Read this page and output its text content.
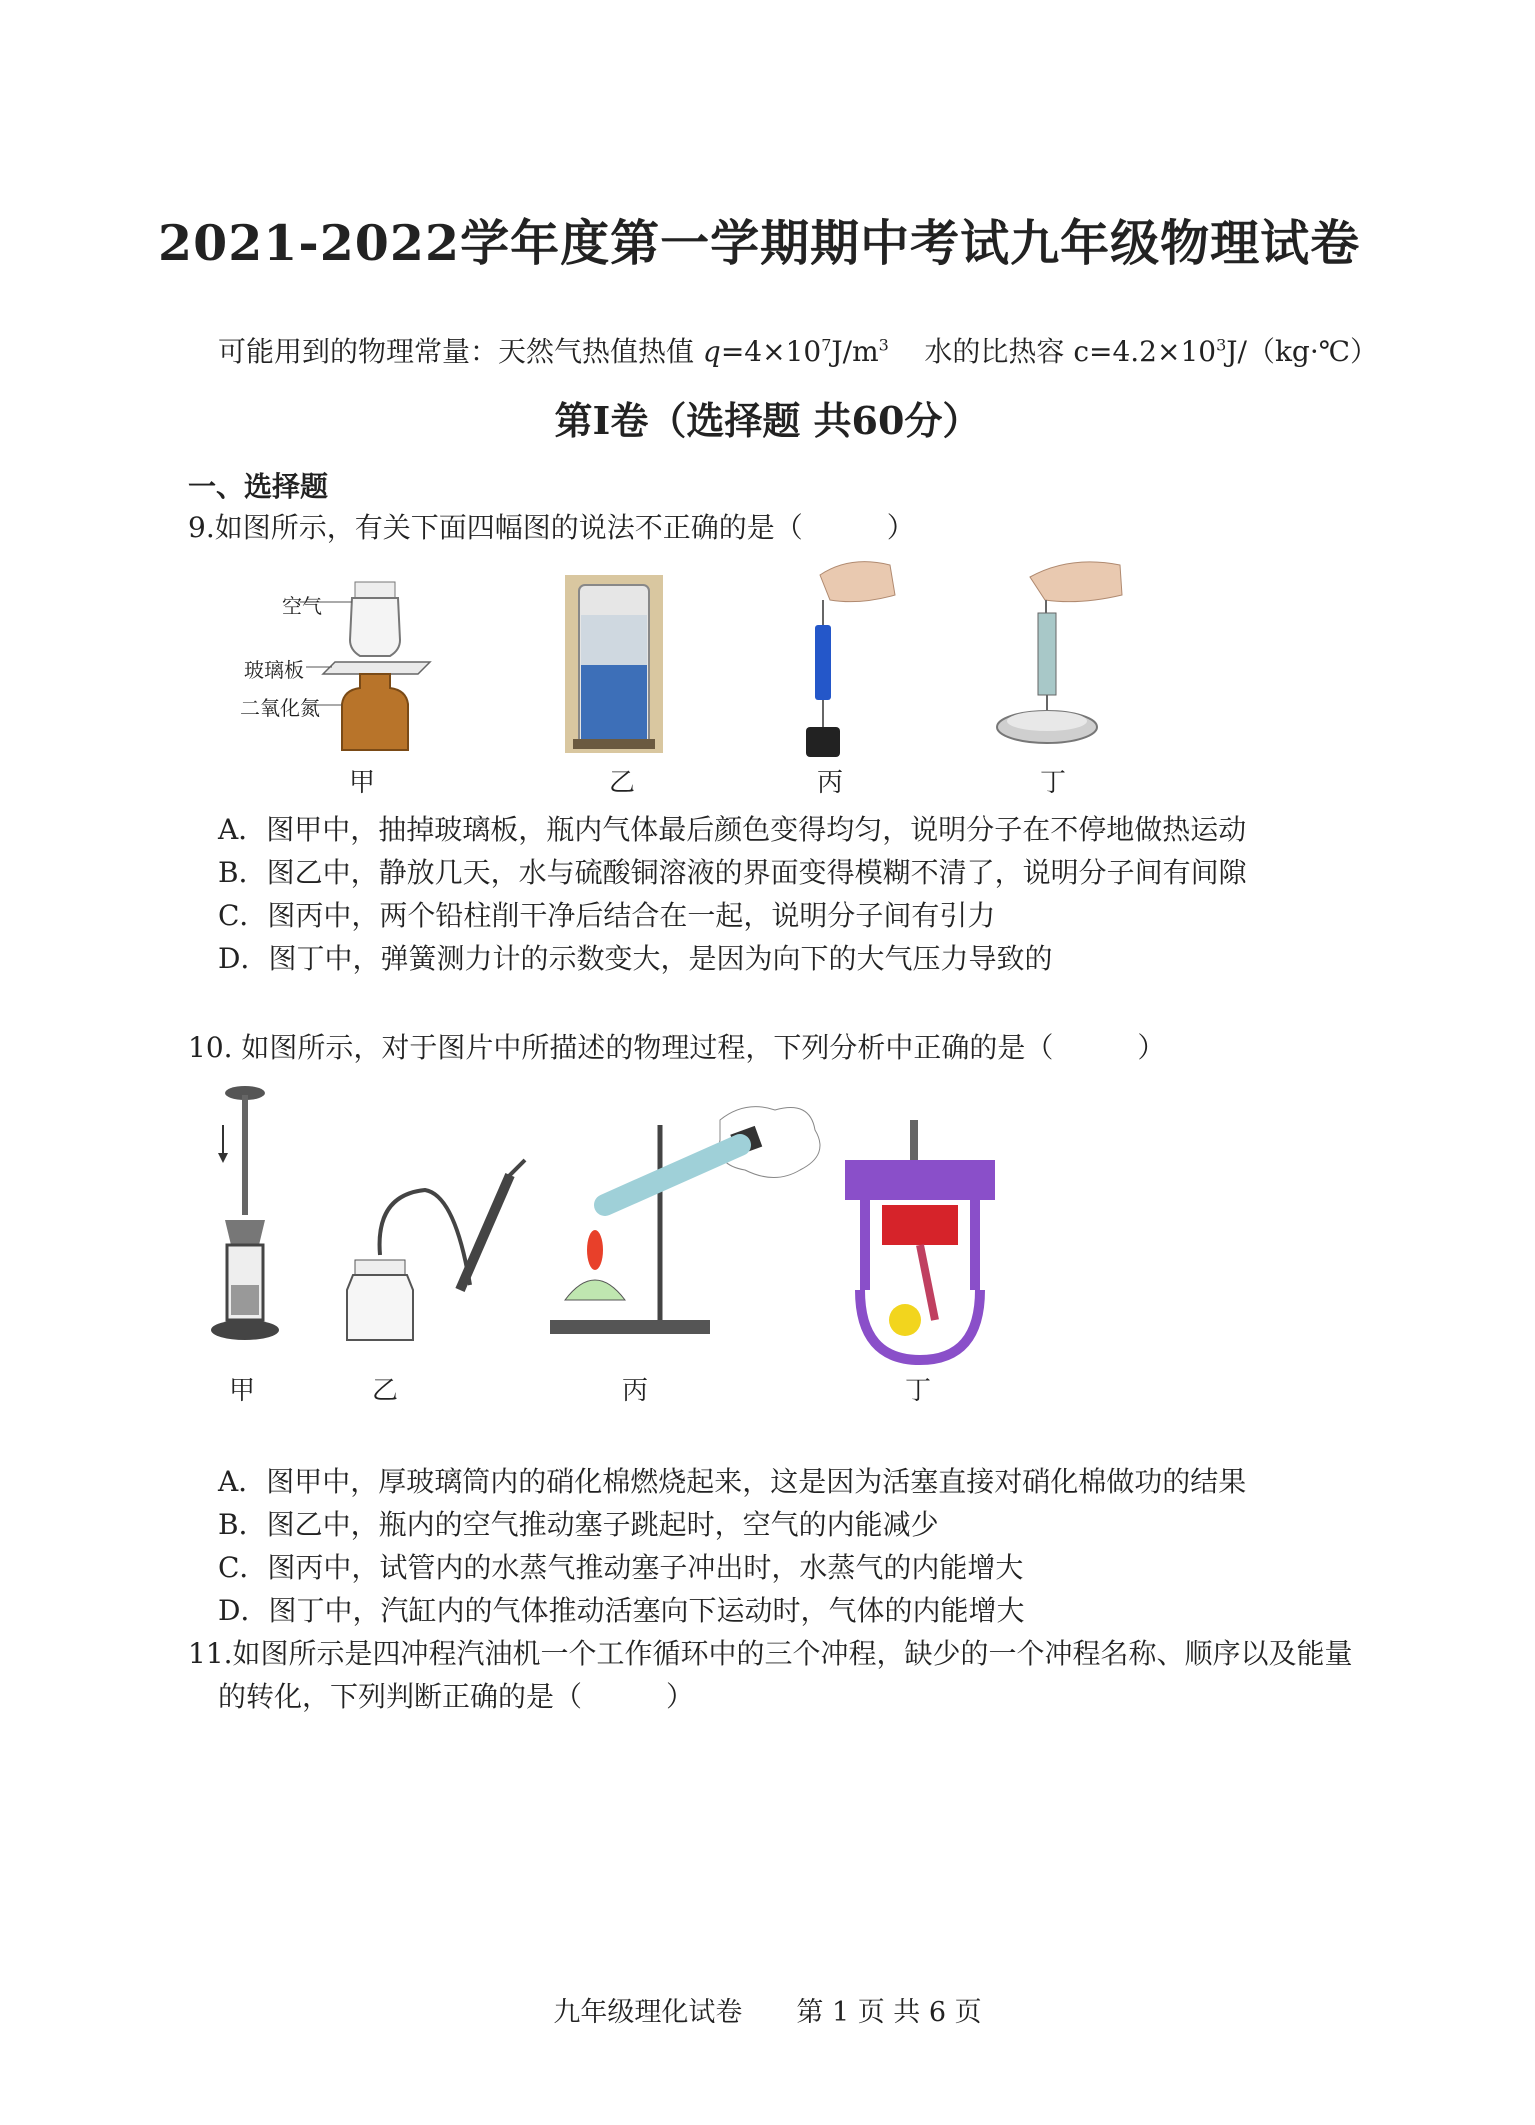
2021-2022学年度第一学期期中考试九年级物理试卷
可能用到的物理常量：天然气热值热值 $q=4\times 10^7J/m^3$ 水的比热容 $c=4.2\times 10^3J/(kg\cdot℃)$
第Ⅰ卷（选择题 共60分）
一、选择题
9.如图所示，有关下面四幅图的说法不正确的是（　　　）
空气
玻璃板
二氧化氮
甲	乙	丙	丁
A．图甲中，抽掉玻璃板，瓶内气体最后颜色变得均匀，说明分子在不停地做热运动
B．图乙中，静放几天，水与硫酸铜溶液的界面变得模糊不清了，说明分子间有间隙
C．图丙中，两个铅柱削干净后结合在一起，说明分子间有引力
D．图丁中，弹簧测力计的示数变大，是因为向下的大气压力导致的
10. 如图所示，对于图片中所描述的物理过程，下列分析中正确的是（　　　）
甲	乙	丙	丁
A．图甲中，厚玻璃筒内的硝化棉燃烧起来，这是因为活塞直接对硝化棉做功的结果
B．图乙中，瓶内的空气推动塞子跳起时，空气的内能减少
C．图丙中，试管内的水蒸气推动塞子冲出时，水蒸气的内能增大
D．图丁中，汽缸内的气体推动活塞向下运动时，气体的内能增大
11.如图所示是四冲程汽油机一个工作循环中的三个冲程，缺少的一个冲程名称、顺序以及能量
的转化，下列判断正确的是（　　　）
九年级理化试卷　　第 1 页 共 6 页
